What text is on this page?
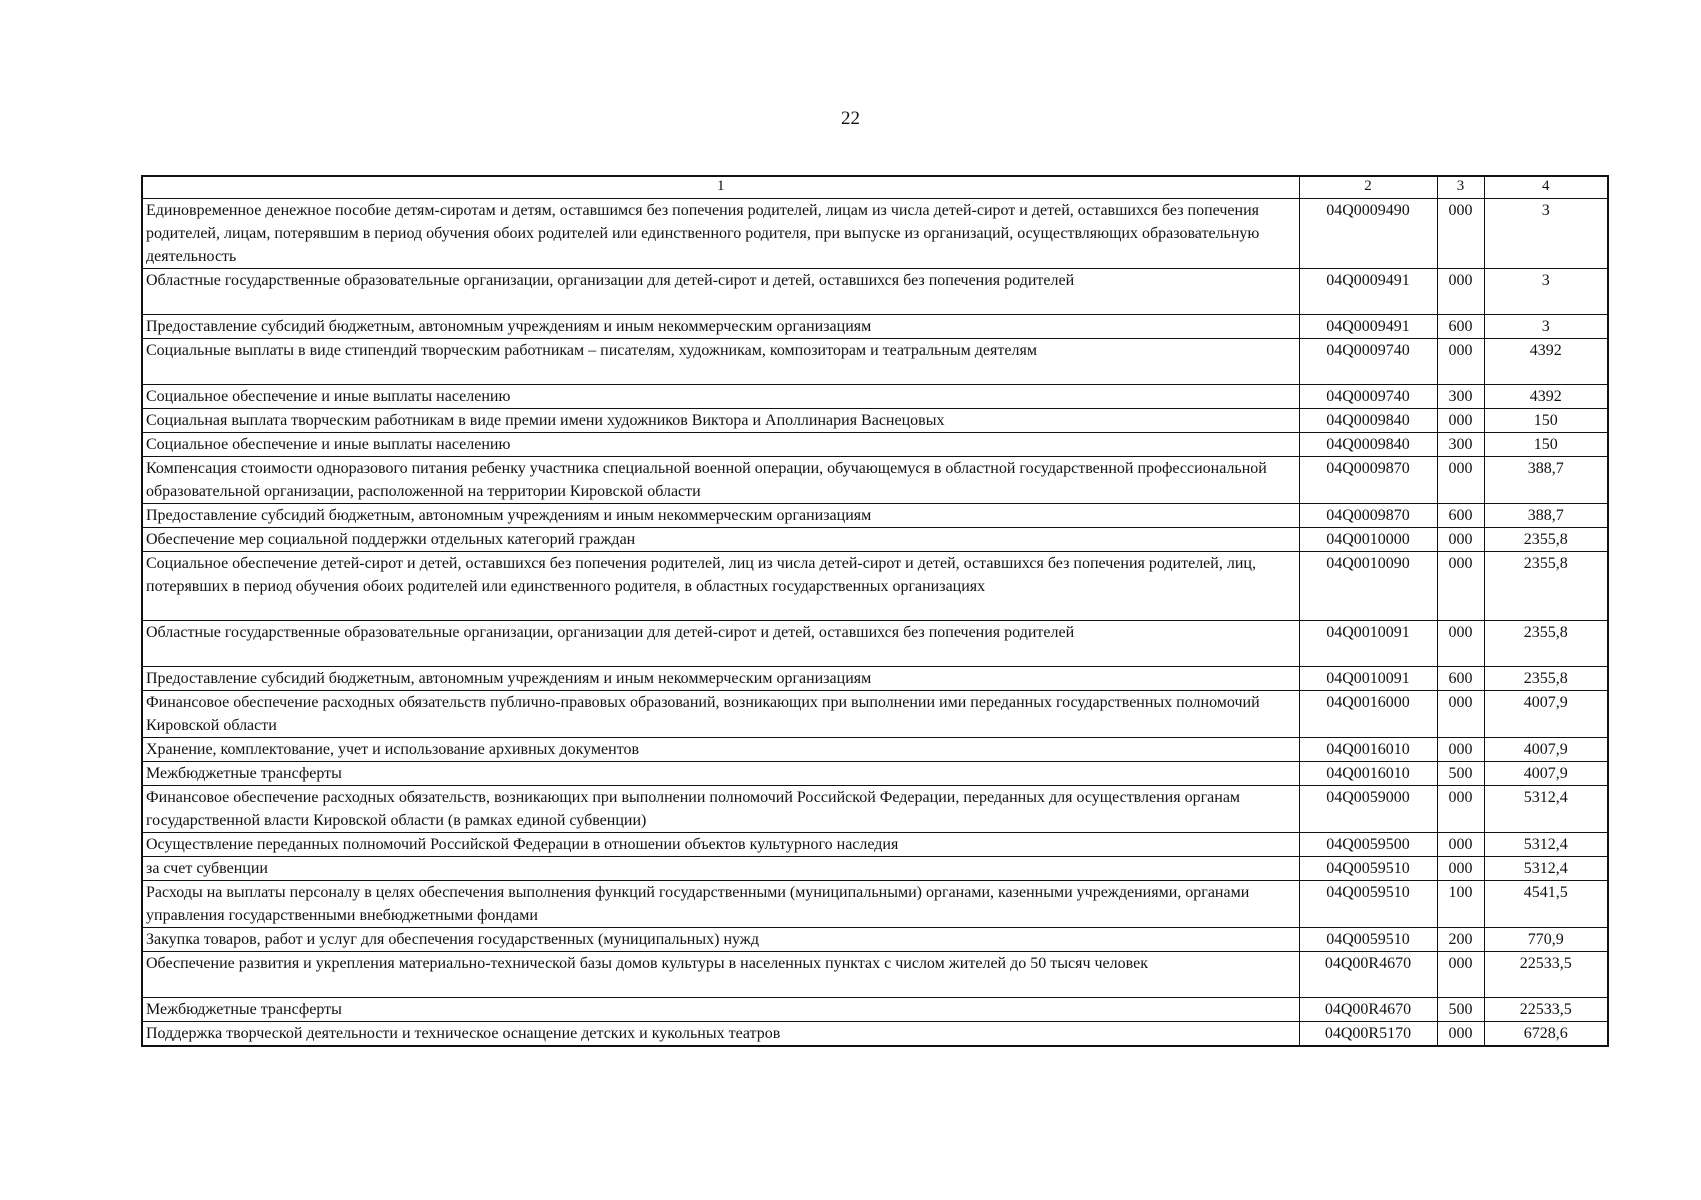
22
1	2	3	4
Единовременное денежное пособие детям-сиротам и детям, оставшимся без попечения родителей, лицам из числа детей-сирот и детей, оставшихся без попечения родителей, лицам, потерявшим в период обучения обоих родителей или единственного родителя, при выпуске из организаций, осуществляющих образовательную деятельность	04Q0009490	000	3
Областные государственные образовательные организации, организации для детей-сирот и детей, оставшихся без попечения родителей	04Q0009491	000	3
Предоставление субсидий бюджетным, автономным учреждениям и иным некоммерческим организациям	04Q0009491	600	3
Социальные выплаты в виде стипендий творческим работникам – писателям, художникам, композиторам и театральным деятелям	04Q0009740	000	4392
Социальное обеспечение и иные выплаты населению	04Q0009740	300	4392
Социальная выплата творческим работникам в виде премии имени художников Виктора и Аполлинария Васнецовых	04Q0009840	000	150
Социальное обеспечение и иные выплаты населению	04Q0009840	300	150
Компенсация стоимости одноразового питания ребенку участника специальной военной операции, обучающемуся в областной государственной профессиональной образовательной организации, расположенной на территории Кировской области	04Q0009870	000	388,7
Предоставление субсидий бюджетным, автономным учреждениям и иным некоммерческим организациям	04Q0009870	600	388,7
Обеспечение мер социальной поддержки отдельных категорий граждан	04Q0010000	000	2355,8
Социальное обеспечение детей-сирот и детей, оставшихся без попечения родителей, лиц из числа детей-сирот и детей, оставшихся без попечения родителей, лиц, потерявших в период обучения обоих родителей или единственного родителя, в областных государственных организациях	04Q0010090	000	2355,8
Областные государственные образовательные организации, организации для детей-сирот и детей, оставшихся без попечения родителей	04Q0010091	000	2355,8
Предоставление субсидий бюджетным, автономным учреждениям и иным некоммерческим организациям	04Q0010091	600	2355,8
Финансовое обеспечение расходных обязательств публично-правовых образований, возникающих при выполнении ими переданных государственных полномочий Кировской области	04Q0016000	000	4007,9
Хранение, комплектование, учет и использование архивных документов	04Q0016010	000	4007,9
Межбюджетные трансферты	04Q0016010	500	4007,9
Финансовое обеспечение расходных обязательств, возникающих при выполнении полномочий Российской Федерации, переданных для осуществления органам государственной власти Кировской области (в рамках единой субвенции)	04Q0059000	000	5312,4
Осуществление переданных полномочий Российской Федерации в отношении объектов культурного наследия	04Q0059500	000	5312,4
за счет субвенции	04Q0059510	000	5312,4
Расходы на выплаты персоналу в целях обеспечения выполнения функций государственными (муниципальными) органами, казенными учреждениями, органами управления государственными внебюджетными фондами	04Q0059510	100	4541,5
Закупка товаров, работ и услуг для обеспечения государственных (муниципальных) нужд	04Q0059510	200	770,9
Обеспечение развития и укрепления материально-технической базы домов культуры в населенных пунктах с числом жителей до 50 тысяч человек	04Q00R4670	000	22533,5
Межбюджетные трансферты	04Q00R4670	500	22533,5
Поддержка творческой деятельности и техническое оснащение детских и кукольных театров	04Q00R5170	000	6728,6
